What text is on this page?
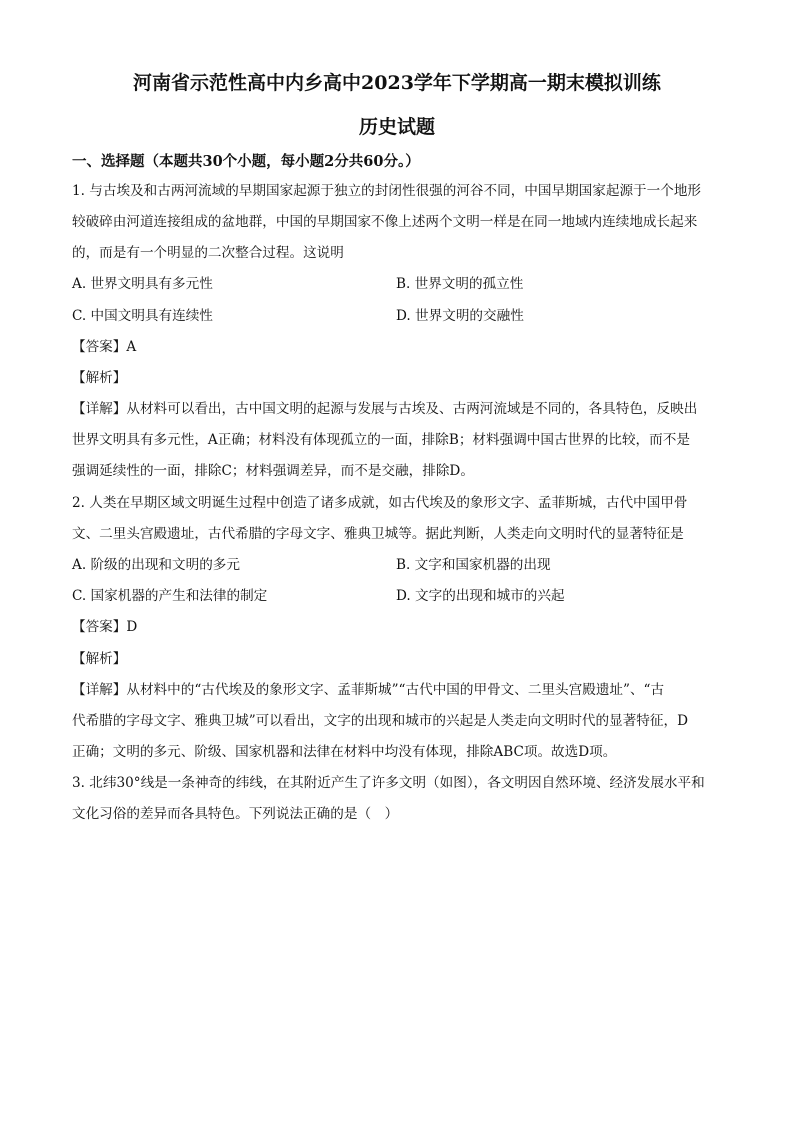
河南省示范性高中内乡高中2023学年下学期高一期末模拟训练
历史试题
一、选择题（本题共30个小题，每小题2分共60分。）
1. 与古埃及和古两河流域的早期国家起源于独立的封闭性很强的河谷不同，中国早期国家起源于一个地形
较破碎由河道连接组成的盆地群，中国的早期国家不像上述两个文明一样是在同一地域内连续地成长起来
的，而是有一个明显的二次整合过程。这说明
A. 世界文明具有多元性	B. 世界文明的孤立性
C. 中国文明具有连续性	D. 世界文明的交融性
【答案】A
【解析】
【详解】从材料可以看出，古中国文明的起源与发展与古埃及、古两河流域是不同的，各具特色，反映出
世界文明具有多元性，A正确；材料没有体现孤立的一面，排除B；材料强调中国古世界的比较，而不是
强调延续性的一面，排除C；材料强调差异，而不是交融，排除D。
2. 人类在早期区域文明诞生过程中创造了诸多成就，如古代埃及的象形文字、孟菲斯城，古代中国甲骨
文、二里头宫殿遗址，古代希腊的字母文字、雅典卫城等。据此判断，人类走向文明时代的显著特征是
A. 阶级的出现和文明的多元	B. 文字和国家机器的出现
C. 国家机器的产生和法律的制定	D. 文字的出现和城市的兴起
【答案】D
【解析】
【详解】从材料中的“古代埃及的象形文字、孟菲斯城”“古代中国的甲骨文、二里头宫殿遗址”、“古
代希腊的字母文字、雅典卫城”可以看出，文字的出现和城市的兴起是人类走向文明时代的显著特征，D
正确；文明的多元、阶级、国家机器和法律在材料中均没有体现，排除ABC项。故选D项。
3. 北纬30°线是一条神奇的纬线，在其附近产生了许多文明（如图），各文明因自然环境、经济发展水平和
文化习俗的差异而各具特色。下列说法正确的是（　）
